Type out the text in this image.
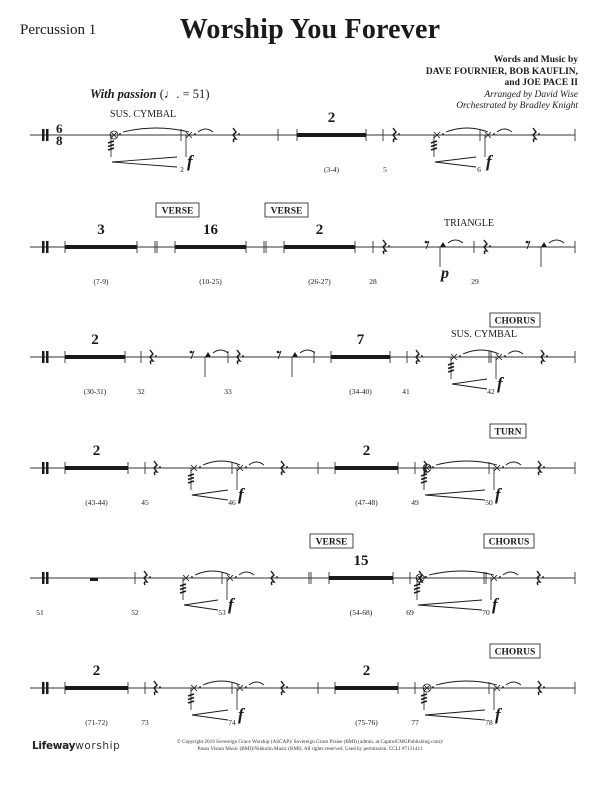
Percussion 1	Worship You Forever
Words and Music by
DAVE FOURNIER, BOB KAUFLIN,
and JOE PACE II
Arranged by David Wise
Orchestrated by Bradley Knight
With passion (♩. = 51)
6
8
2
(3-4)
2	5	6
SUS. CYMBAL
3
(7-9)
16
(10-25)
2
(26-27)	28	29
TRIANGLE
VERSE	VERSE
p
2
(30-31)
7
(34-40)
32	33	41	42
SUS. CYMBAL
CHORUS
2
(43-44)
2
(47-48)
45	46	49	50
TURN
15
(54-68)
51	52	53	69	70
VERSE	CHORUS
2
(71-72)
2
(75-76)
73	74	77	78
CHORUS
f	f
f
f	f
f	f
f	f
Lifewayworship	© Copyright 2019 Sovereign Grace Worship (ASCAP)/ Sovereign Grace Praise (BMI) (admin. at CapitolCMGPublishing.com)/
Pasos Vision Music (BMI)/Nikkolin Music (BMI). All rights reserved. Used by permission. CCLI #7131411
